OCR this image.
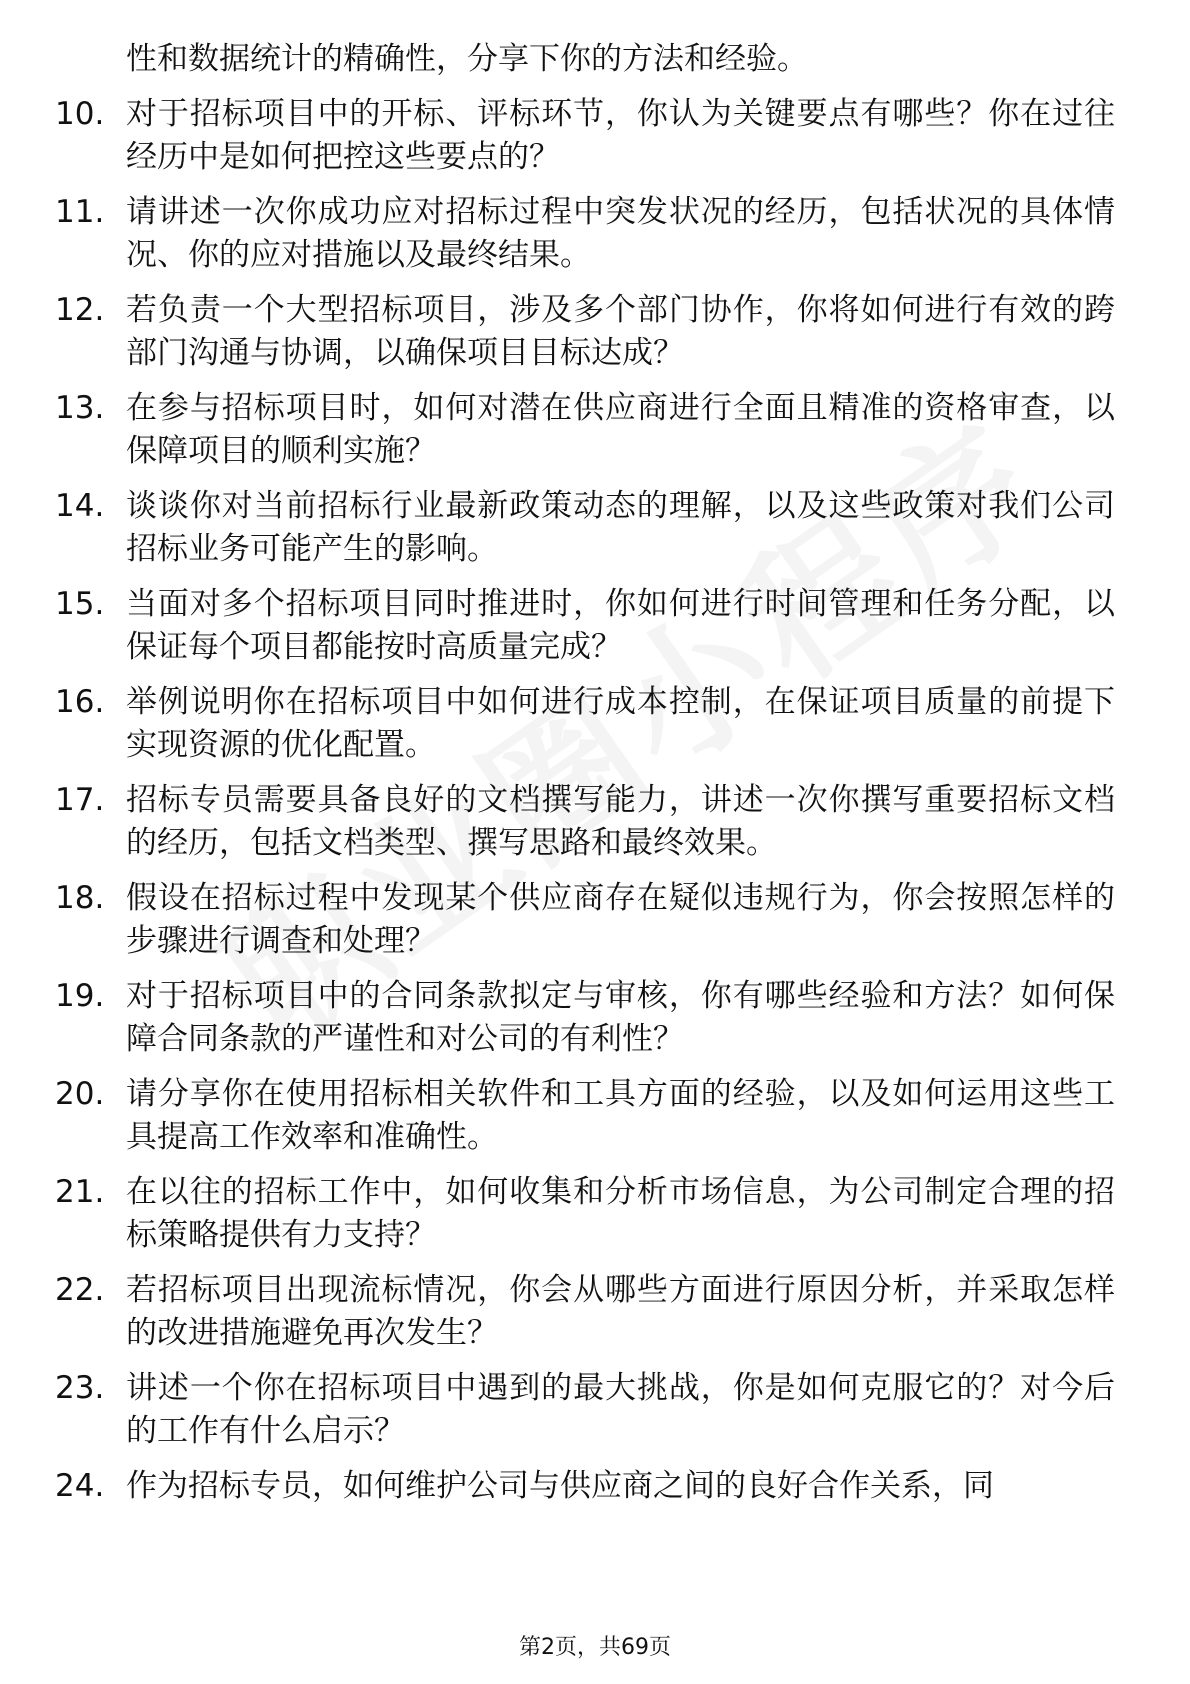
性和数据统计的精确性，分享下你的方法和经验。
10. 对于招标项目中的开标、评标环节，你认为关键要点有哪些？你在过往经历中是如何把控这些要点的？
11. 请讲述一次你成功应对招标过程中突发状况的经历，包括状况的具体情况、你的应对措施以及最终结果。
12. 若负责一个大型招标项目，涉及多个部门协作，你将如何进行有效的跨部门沟通与协调，以确保项目目标达成？
13. 在参与招标项目时，如何对潜在供应商进行全面且精准的资格审查，以保障项目的顺利实施？
14. 谈谈你对当前招标行业最新政策动态的理解，以及这些政策对我们公司招标业务可能产生的影响。
15. 当面对多个招标项目同时推进时，你如何进行时间管理和任务分配，以保证每个项目都能按时高质量完成？
16. 举例说明你在招标项目中如何进行成本控制，在保证项目质量的前提下实现资源的优化配置。
17. 招标专员需要具备良好的文档撰写能力，讲述一次你撰写重要招标文档的经历，包括文档类型、撰写思路和最终效果。
18. 假设在招标过程中发现某个供应商存在疑似违规行为，你会按照怎样的步骤进行调查和处理？
19. 对于招标项目中的合同条款拟定与审核，你有哪些经验和方法？如何保障合同条款的严谨性和对公司的有利性？
20. 请分享你在使用招标相关软件和工具方面的经验，以及如何运用这些工具提高工作效率和准确性。
21. 在以往的招标工作中，如何收集和分析市场信息，为公司制定合理的招标策略提供有力支持？
22. 若招标项目出现流标情况，你会从哪些方面进行原因分析，并采取怎样的改进措施避免再次发生？
23. 讲述一个你在招标项目中遇到的最大挑战，你是如何克服它的？对今后的工作有什么启示？
24. 作为招标专员，如何维护公司与供应商之间的良好合作关系，同
第2页，共69页
